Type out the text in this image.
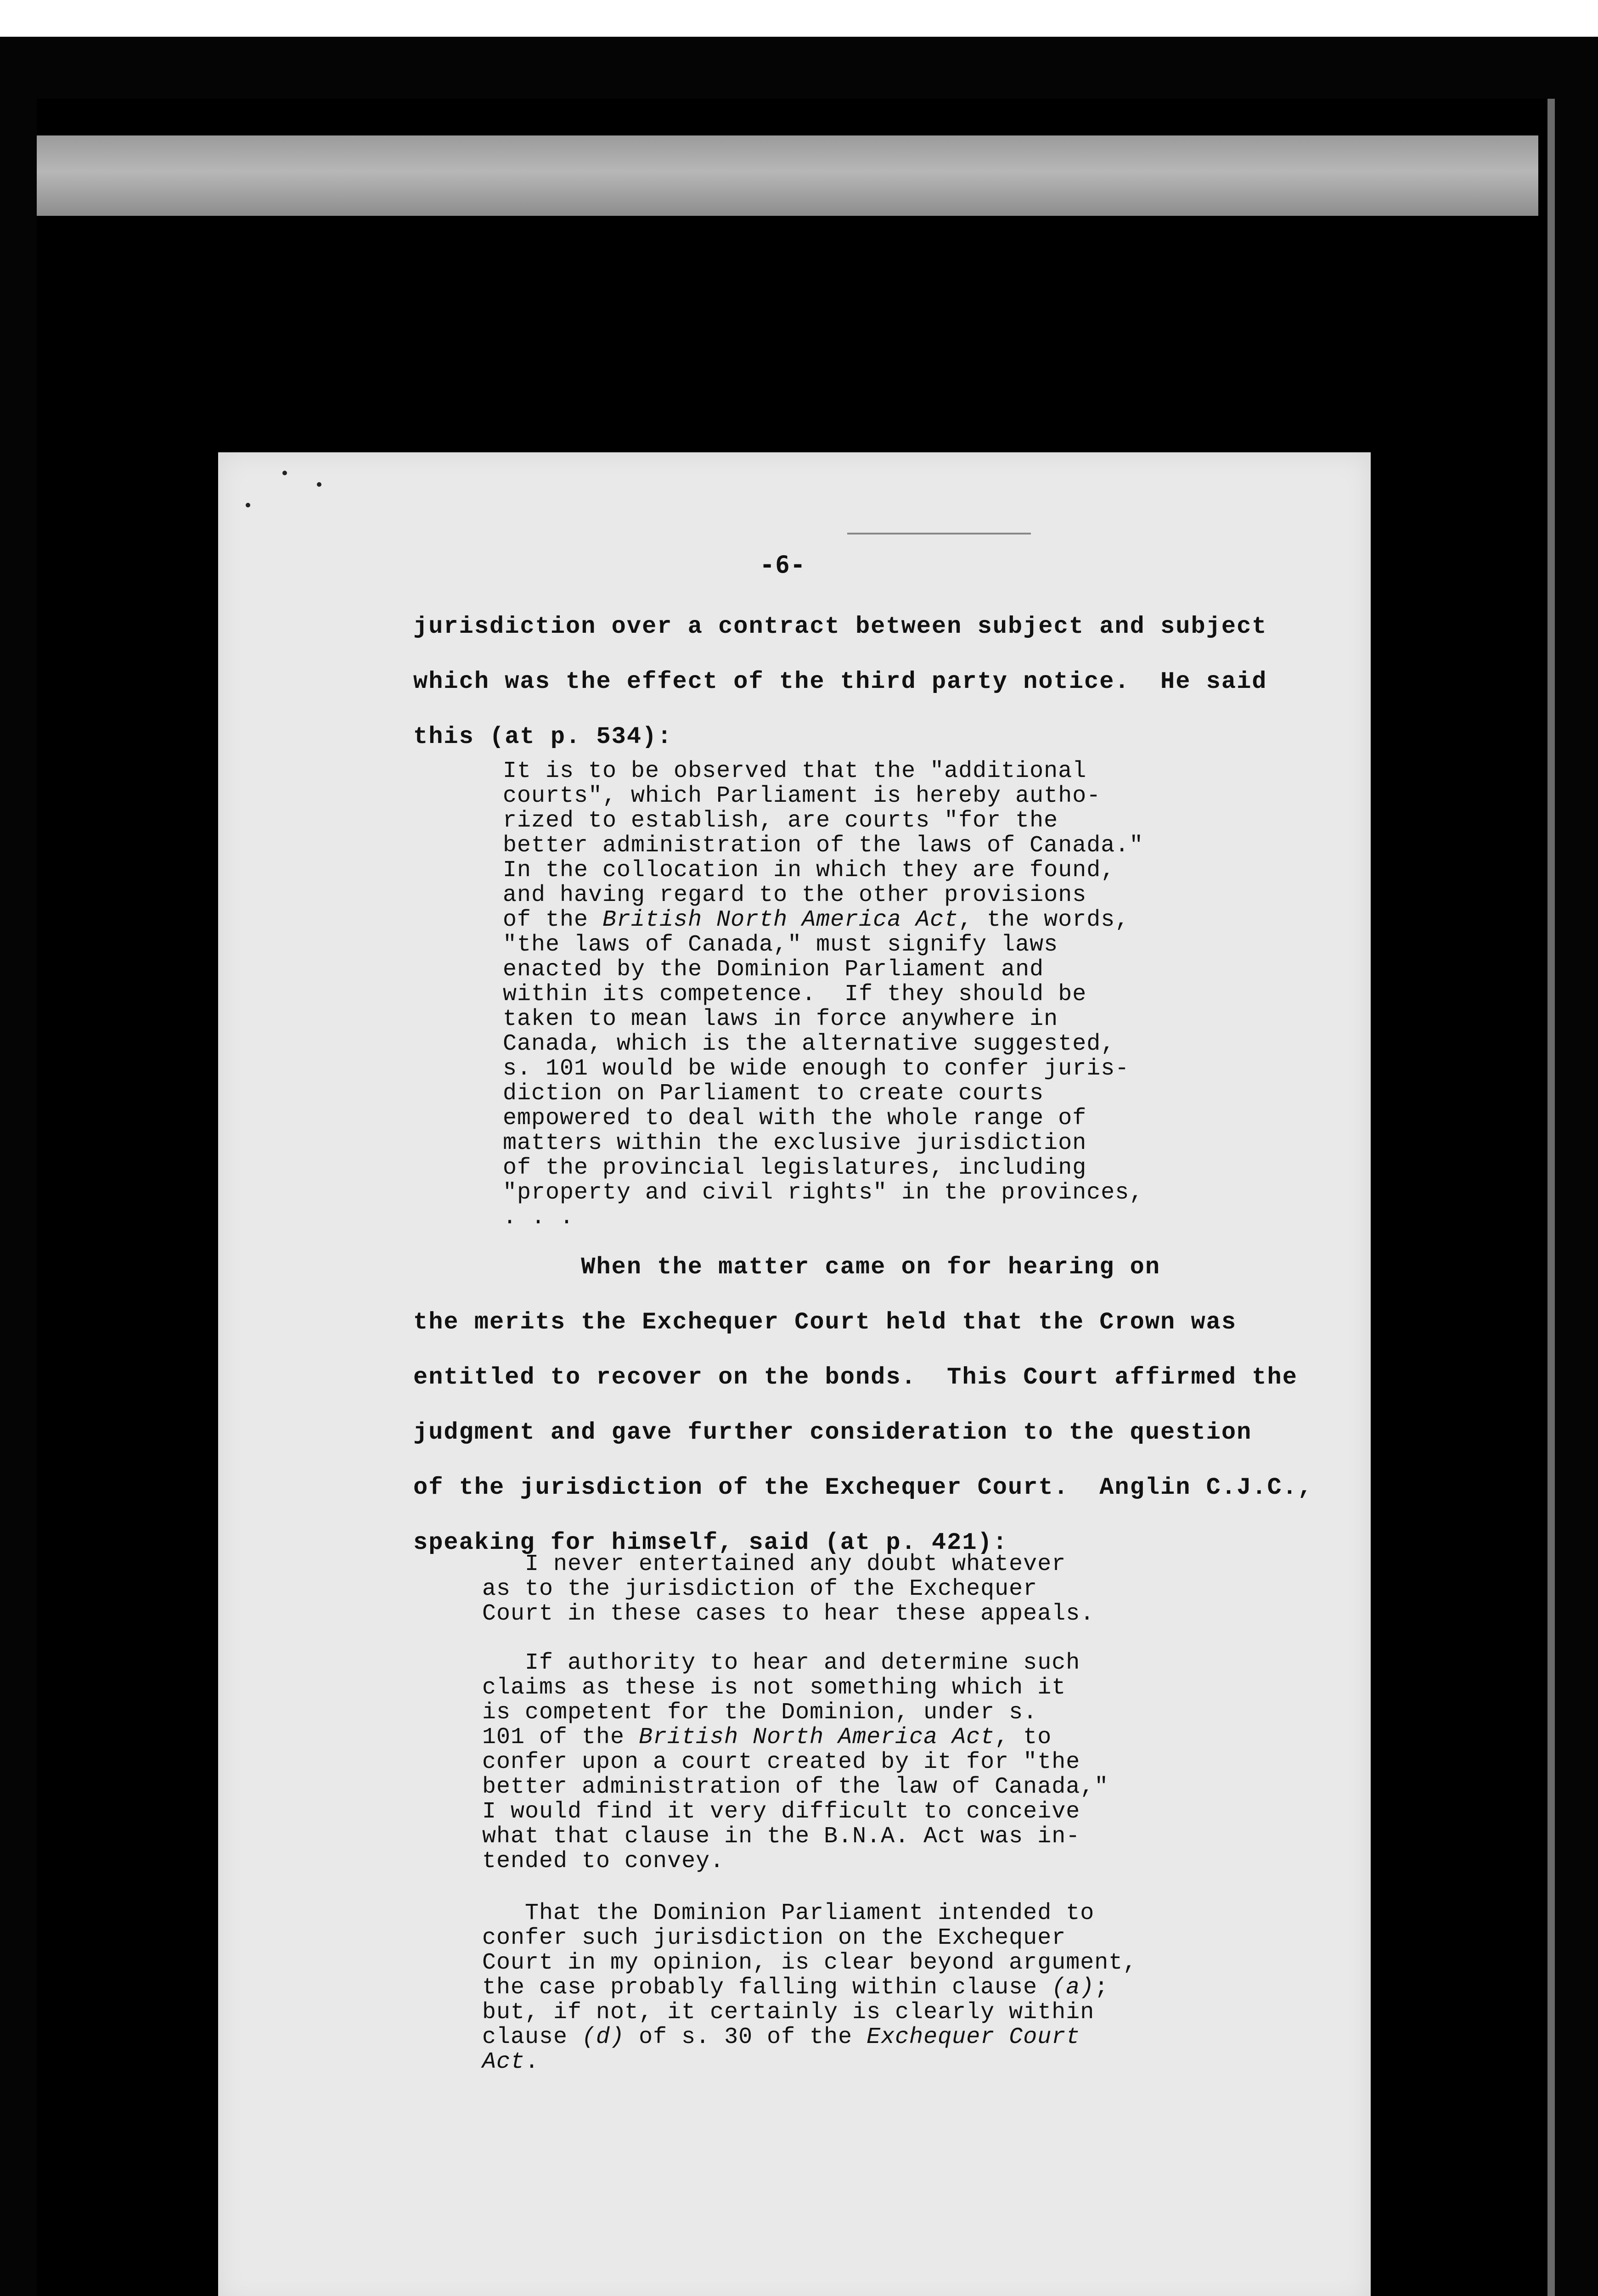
-6-
jurisdiction over a contract between subject and subject
which was the effect of the third party notice.  He said
this (at p. 534):
It is to be observed that the "additional
courts", which Parliament is hereby autho-
rized to establish, are courts "for the
better administration of the laws of Canada."
In the collocation in which they are found,
and having regard to the other provisions
of the British North America Act, the words,
"the laws of Canada," must signify laws
enacted by the Dominion Parliament and
within its competence.  If they should be
taken to mean laws in force anywhere in
Canada, which is the alternative suggested,
s. 101 would be wide enough to confer juris-
diction on Parliament to create courts
empowered to deal with the whole range of
matters within the exclusive jurisdiction
of the provincial legislatures, including
"property and civil rights" in the provinces,
. . .
When the matter came on for hearing on
the merits the Exchequer Court held that the Crown was
entitled to recover on the bonds.  This Court affirmed the
judgment and gave further consideration to the question
of the jurisdiction of the Exchequer Court.  Anglin C.J.C.,
speaking for himself, said (at p. 421):
I never entertained any doubt whatever
as to the jurisdiction of the Exchequer
Court in these cases to hear these appeals.
If authority to hear and determine such
claims as these is not something which it
is competent for the Dominion, under s.
101 of the British North America Act, to
confer upon a court created by it for "the
better administration of the law of Canada,"
I would find it very difficult to conceive
what that clause in the B.N.A. Act was in-
tended to convey.
That the Dominion Parliament intended to
confer such jurisdiction on the Exchequer
Court in my opinion, is clear beyond argument,
the case probably falling within clause (a);
but, if not, it certainly is clearly within
clause (d) of s. 30 of the Exchequer Court
Act.
